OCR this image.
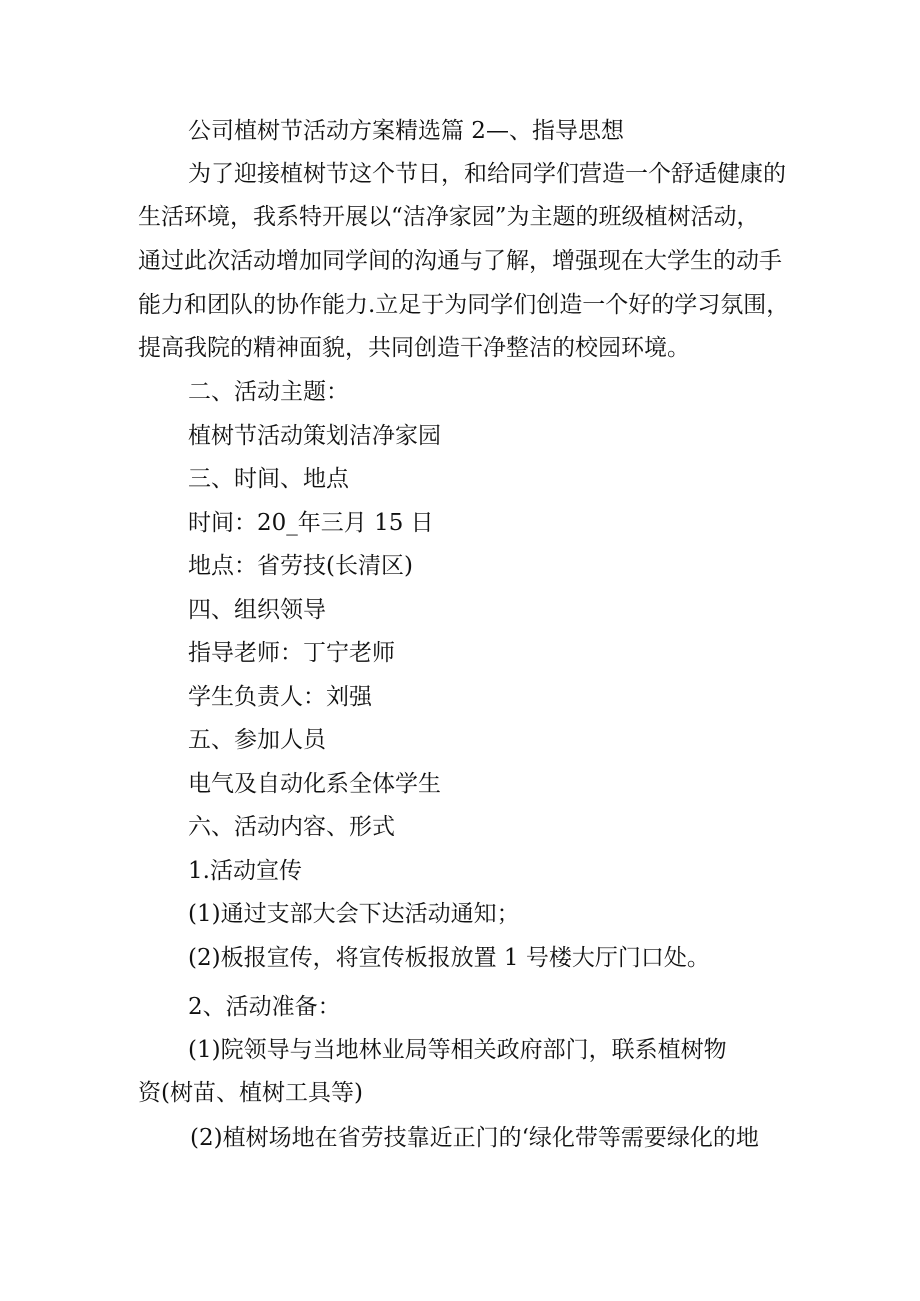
公司植树节活动方案精选篇 2—、指导思想

为了迎接植树节这个节日，和给同学们营造一个舒适健康的

生活环境，我系特开展以“洁净家园”为主题的班级植树活动，

通过此次活动增加同学间的沟通与了解，增强现在大学生的动手

能力和团队的协作能力.立足于为同学们创造一个好的学习氛围，

提高我院的精神面貌，共同创造干净整洁的校园环境。

二、活动主题：

植树节活动策划洁净家园

三、时间、地点

时间：20_年三月 15 日

地点：省劳技(长清区)

四、组织领导

指导老师：丁宁老师

学生负责人：刘强

五、参加人员

电气及自动化系全体学生

六、活动内容、形式

1.活动宣传

(1)通过支部大会下达活动通知；

(2)板报宣传，将宣传板报放置 1 号楼大厅门口处。

2、活动准备：

(1)院领导与当地林业局等相关政府部门，联系植树物

资(树苗、植树工具等)

(2)植树场地在省劳技靠近正门的‘绿化带等需要绿化的地
